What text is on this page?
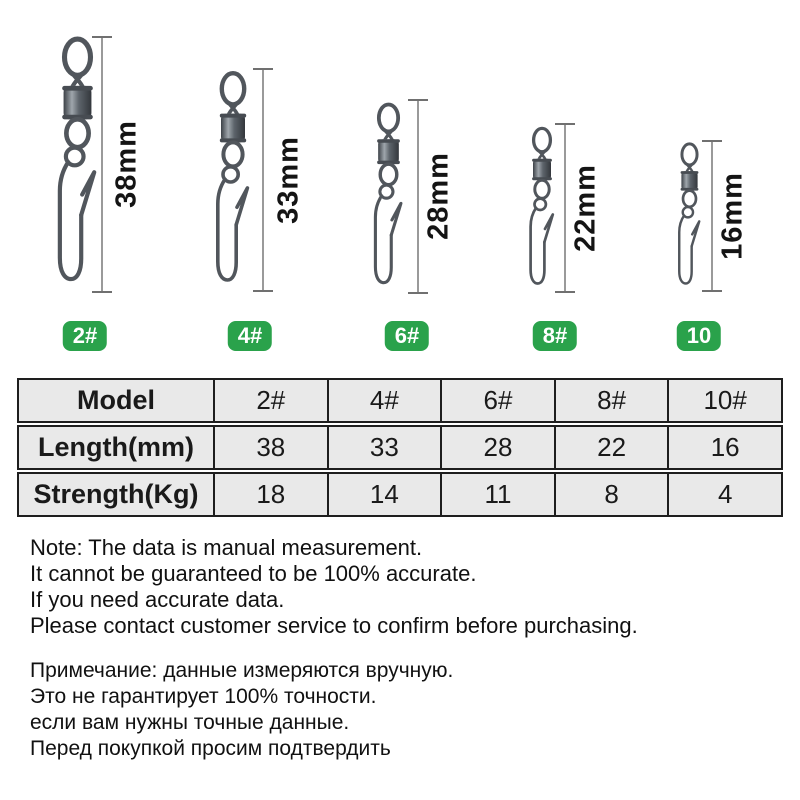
38mm
2#
33mm
4#
28mm
6#
22mm
8#
16mm
10
Model	2#	4#	6#	8#	10#
Length(mm)	38	33	28	22	16
Strength(Kg)	18	14	11	8	4
Note: The data is manual measurement.
It cannot be guaranteed to be 100% accurate.
If you need accurate data.
Please contact customer service to confirm before purchasing.
Примечание: данные измеряются вручную.
Это не гарантирует 100% точности.
если вам нужны точные данные.
Перед покупкой просим подтвердить
